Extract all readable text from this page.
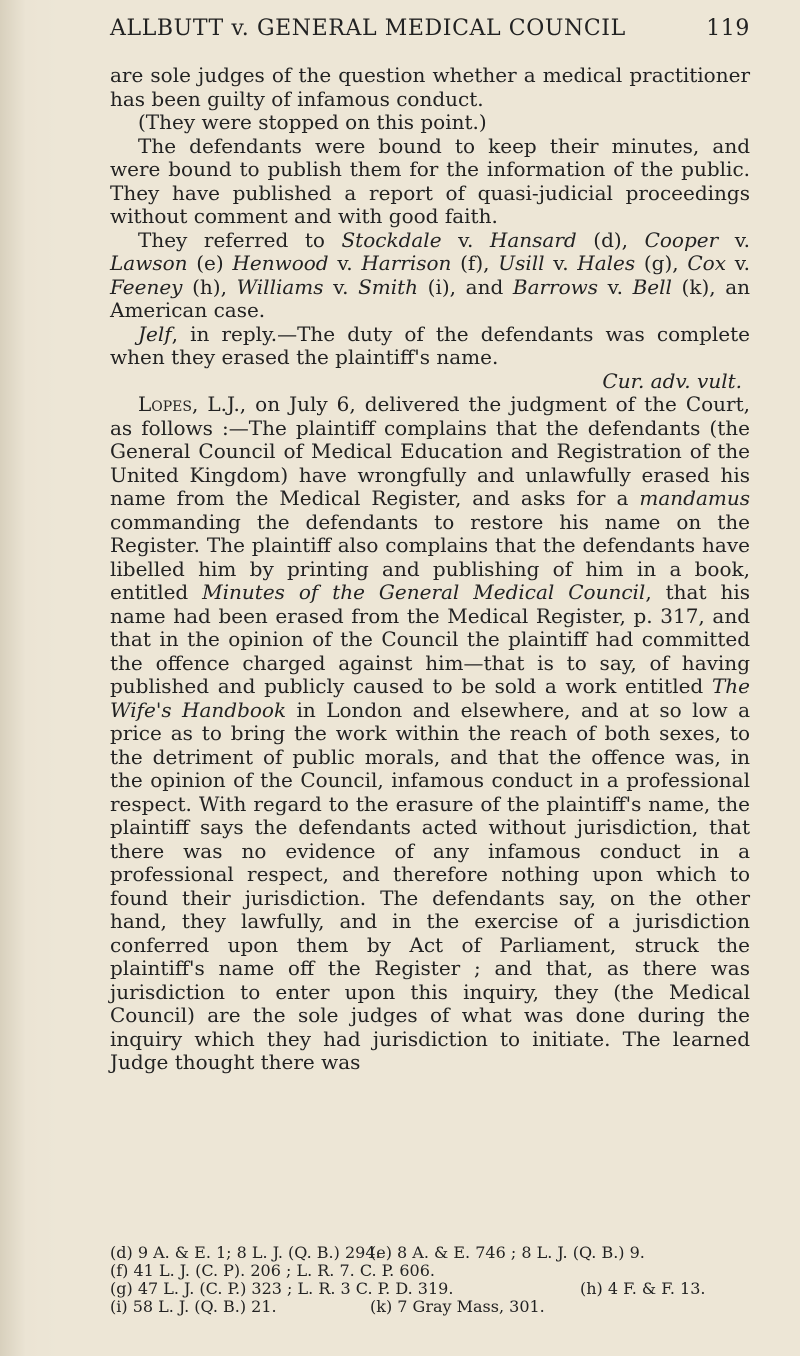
ALLBUTT v. GENERAL MEDICAL COUNCIL	119

are sole judges of the question whether a medical practitioner has been guilty of infamous conduct.

(They were stopped on this point.)

The defendants were bound to keep their minutes, and were bound to publish them for the information of the public. They have published a report of quasi-judicial proceedings without comment and with good faith.

They referred to Stockdale v. Hansard (d), Cooper v. Lawson (e) Henwood v. Harrison (f), Usill v. Hales (g), Cox v. Feeney (h), Williams v. Smith (i), and Barrows v. Bell (k), an American case.

Jelf, in reply.—The duty of the defendants was complete when they erased the plaintiff's name.

Cur. adv. vult.

Lopes, L.J., on July 6, delivered the judgment of the Court, as follows :—The plaintiff complains that the defendants (the General Council of Medical Education and Registration of the United Kingdom) have wrongfully and unlawfully erased his name from the Medical Register, and asks for a mandamus commanding the defendants to restore his name on the Register. The plaintiff also complains that the defendants have libelled him by printing and publishing of him in a book, entitled Minutes of the General Medical Council, that his name had been erased from the Medical Register, p. 317, and that in the opinion of the Council the plaintiff had committed the offence charged against him—that is to say, of having published and publicly caused to be sold a work entitled The Wife's Handbook in London and elsewhere, and at so low a price as to bring the work within the reach of both sexes, to the detriment of public morals, and that the offence was, in the opinion of the Council, infamous conduct in a professional respect. With regard to the erasure of the plaintiff's name, the plaintiff says the defendants acted without jurisdiction, that there was no evidence of any infamous conduct in a professional respect, and therefore nothing upon which to found their jurisdiction. The defendants say, on the other hand, they lawfully, and in the exercise of a jurisdiction conferred upon them by Act of Parliament, struck the plaintiff's name off the Register ; and that, as there was jurisdiction to enter upon this inquiry, they (the Medical Council) are the sole judges of what was done during the inquiry which they had jurisdiction to initiate. The learned Judge thought there was

(d) 9 A. & E. 1; 8 L. J. (Q. B.) 294.
(e) 8 A. & E. 746 ; 8 L. J. (Q. B.) 9.
(f) 41 L. J. (C. P). 206 ; L. R. 7. C. P. 606.
(g) 47 L. J. (C. P.) 323 ; L. R. 3 C. P. D. 319.	(h) 4 F. & F. 13.
(i) 58 L. J. (Q. B.) 21.	(k) 7 Gray Mass, 301.
